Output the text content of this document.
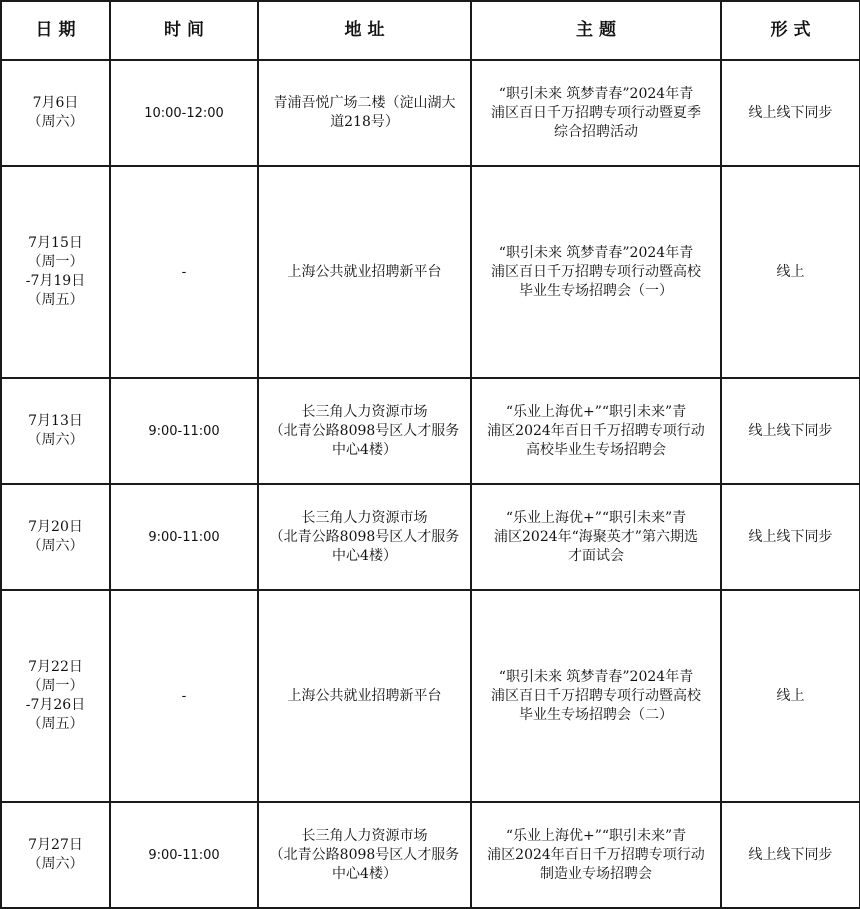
日 期	时 间	地 址	主 题	形 式

7月6日
（周六）	10:00-12:00	青浦吾悦广场二楼（淀山湖大
道218号）	“职引未来 筑梦青春”2024年青
浦区百日千万招聘专项行动暨夏季
综合招聘活动	线上线下同步

7月15日
（周一）
-7月19日
（周五）	-	上海公共就业招聘新平台	“职引未来 筑梦青春”2024年青
浦区百日千万招聘专项行动暨高校
毕业生专场招聘会（一）	线上

7月13日
（周六）	9:00-11:00	长三角人力资源市场
（北青公路8098号区人才服务
中心4楼）	“乐业上海优+”“职引未来”青
浦区2024年百日千万招聘专项行动
高校毕业生专场招聘会	线上线下同步

7月20日
（周六）	9:00-11:00	长三角人力资源市场
（北青公路8098号区人才服务
中心4楼）	“乐业上海优+”“职引未来”青
浦区2024年“海聚英才”第六期选
才面试会	线上线下同步

7月22日
（周一）
-7月26日
（周五）	-	上海公共就业招聘新平台	“职引未来 筑梦青春”2024年青
浦区百日千万招聘专项行动暨高校
毕业生专场招聘会（二）	线上

7月27日
（周六）	9:00-11:00	长三角人力资源市场
（北青公路8098号区人才服务
中心4楼）	“乐业上海优+”“职引未来”青
浦区2024年百日千万招聘专项行动
制造业专场招聘会	线上线下同步
